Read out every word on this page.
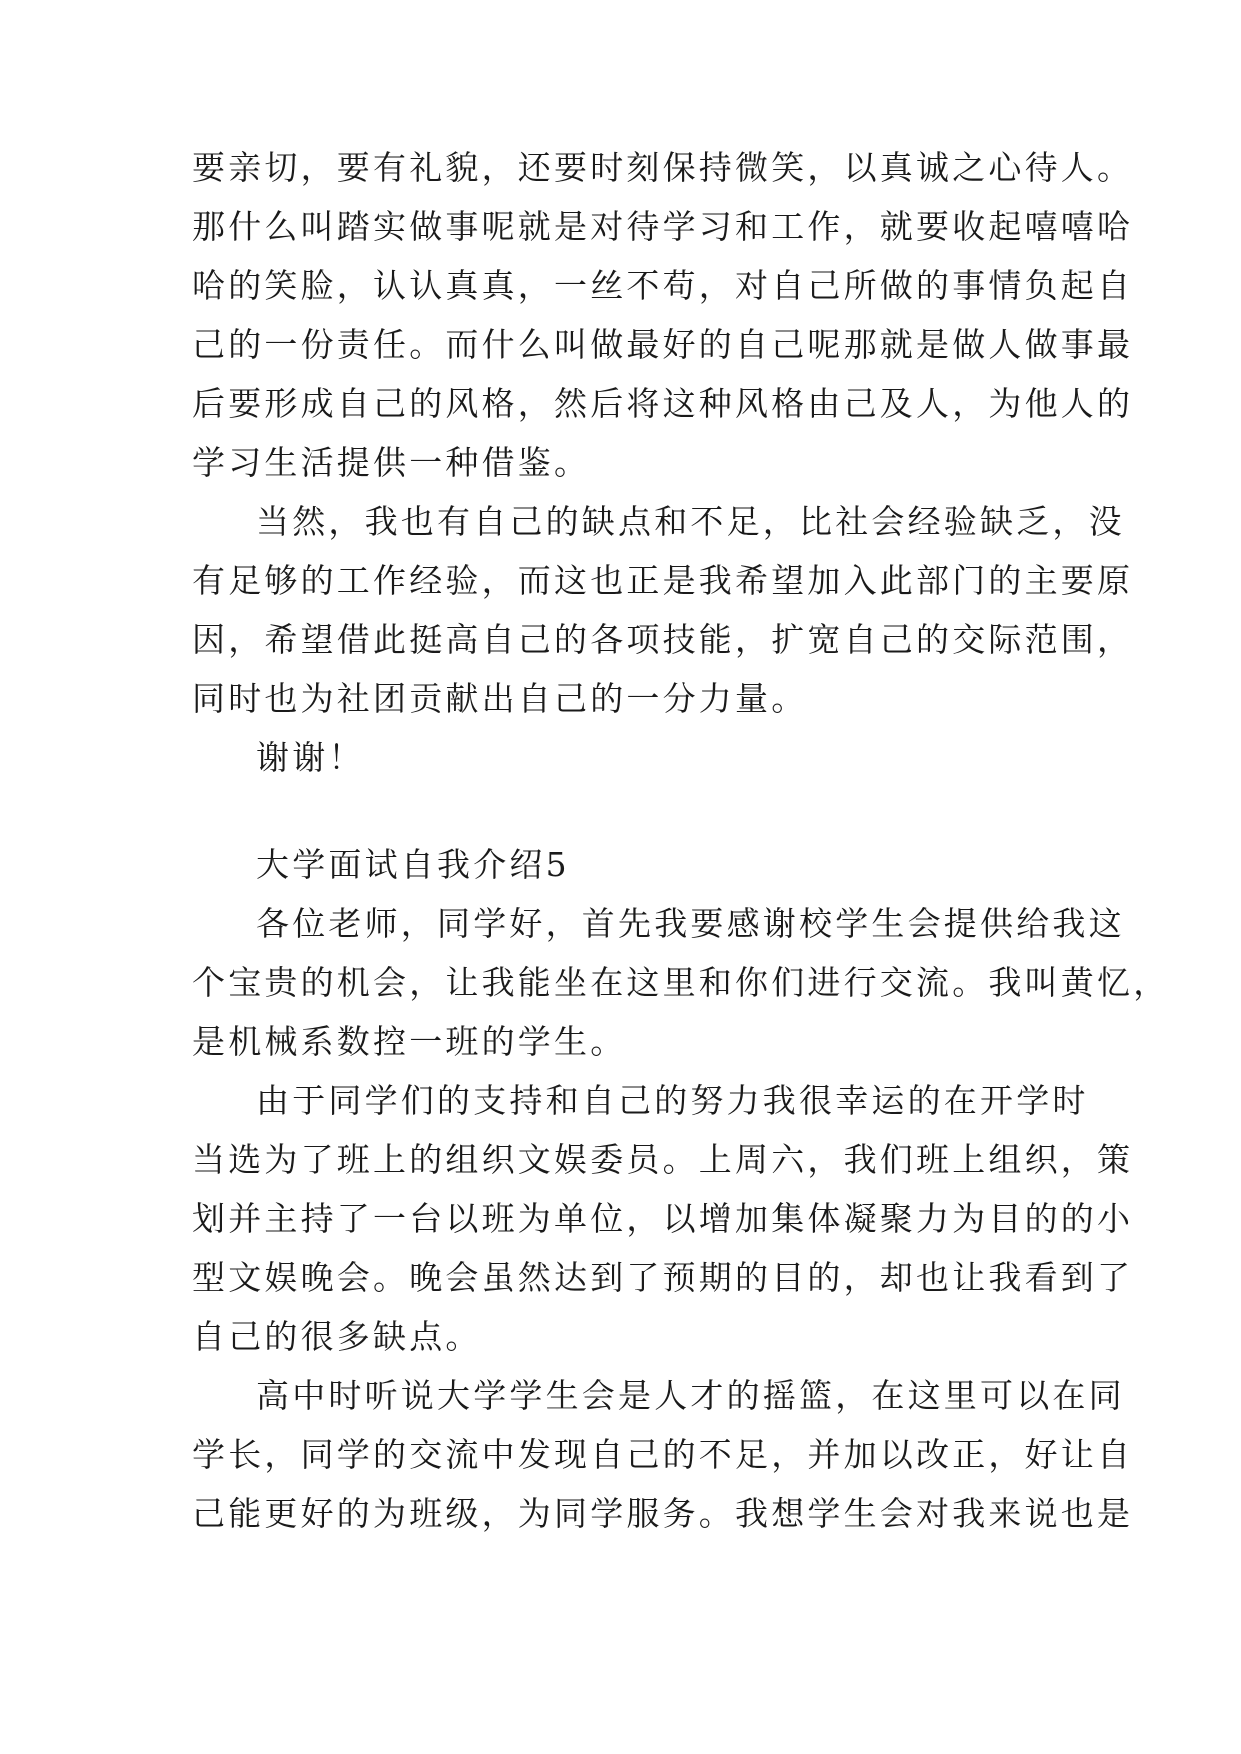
要亲切，要有礼貌，还要时刻保持微笑，以真诚之心待人。
那什么叫踏实做事呢就是对待学习和工作，就要收起嘻嘻哈
哈的笑脸，认认真真，一丝不苟，对自己所做的事情负起自
己的一份责任。而什么叫做最好的自己呢那就是做人做事最
后要形成自己的风格，然后将这种风格由己及人，为他人的
学习生活提供一种借鉴。
当然，我也有自己的缺点和不足，比社会经验缺乏，没
有足够的工作经验，而这也正是我希望加入此部门的主要原
因，希望借此挺高自己的各项技能，扩宽自己的交际范围，
同时也为社团贡献出自己的一分力量。
谢谢！
大学面试自我介绍5
各位老师，同学好，首先我要感谢校学生会提供给我这
个宝贵的机会，让我能坐在这里和你们进行交流。我叫黄忆，
是机械系数控一班的学生。
由于同学们的支持和自己的努力我很幸运的在开学时
当选为了班上的组织文娱委员。上周六，我们班上组织，策
划并主持了一台以班为单位，以增加集体凝聚力为目的的小
型文娱晚会。晚会虽然达到了预期的目的，却也让我看到了
自己的很多缺点。
高中时听说大学学生会是人才的摇篮，在这里可以在同
学长，同学的交流中发现自己的不足，并加以改正，好让自
己能更好的为班级，为同学服务。我想学生会对我来说也是
